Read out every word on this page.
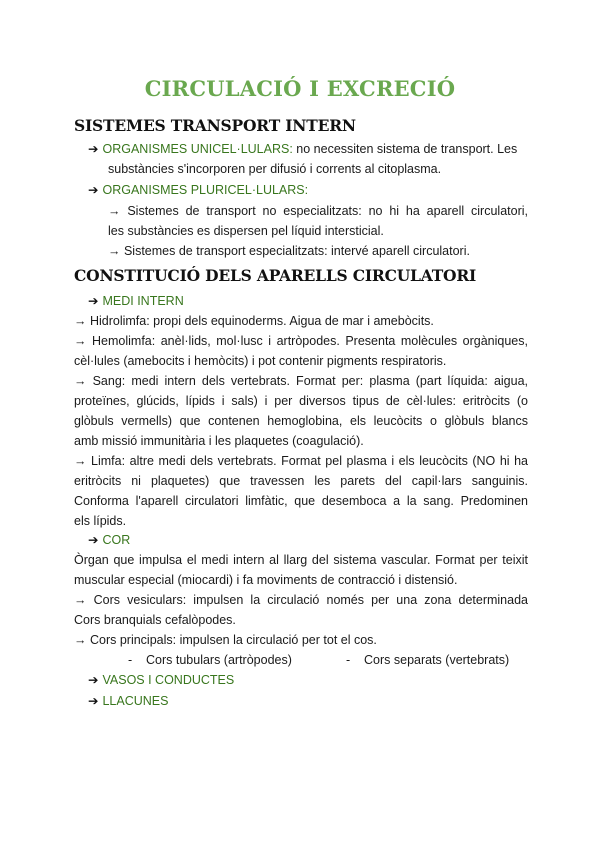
CIRCULACIÓ I EXCRECIÓ
SISTEMES TRANSPORT INTERN
➔ ORGANISMES UNICEL·LULARS: no necessiten sistema de transport. Les
substàncies s'incorporen per difusió i corrents al citoplasma.
➔ ORGANISMES PLURICEL·LULARS:

→ Sistemes de transport no especialitzats: no hi ha aparell circulatori,

les substàncies es dispersen pel líquid intersticial.

→ Sistemes de transport especialitzats: intervé aparell circulatori.
CONSTITUCIÓ DELS APARELLS CIRCULATORI
➔ MEDI INTERN
→ Hidrolimfa: propi dels equinoderms. Aigua de mar i amebòcits.

→ Hemolimfa: anèl·lids, mol·lusc i artròpodes. Presenta molècules orgàniques,

cèl·lules (amebocits i hemòcits) i pot contenir pigments respiratoris.

→ Sang: medi intern dels vertebrats. Format per: plasma (part líquida: aigua,

proteïnes, glúcids, lípids i sals) i per diversos tipus de cèl·lules: eritròcits (o

glòbuls vermells) que contenen hemoglobina, els leucòcits o glòbuls blancs

amb missió immunitària i les plaquetes (coagulació).

→ Limfa: altre medi dels vertebrats. Format pel plasma i els leucòcits (NO hi ha

eritròcits ni plaquetes) que travessen les parets del capil·lars sanguinis.

Conforma l'aparell circulatori limfàtic, que desemboca a la sang. Predominen

els lípids.

➔ COR

Òrgan que impulsa el medi intern al llarg del sistema vascular. Format per teixit

muscular especial (miocardi) i fa moviments de contracció i distensió.

→ Cors vesiculars: impulsen la circulació només per una zona determinada

Cors branquials cefalòpodes.

→ Cors principals: impulsen la circulació per tot el cos.
- Cors tubulars (artròpodes)	- Cors separats (vertebrats)
➔ VASOS I CONDUCTES
➔ LLACUNES
